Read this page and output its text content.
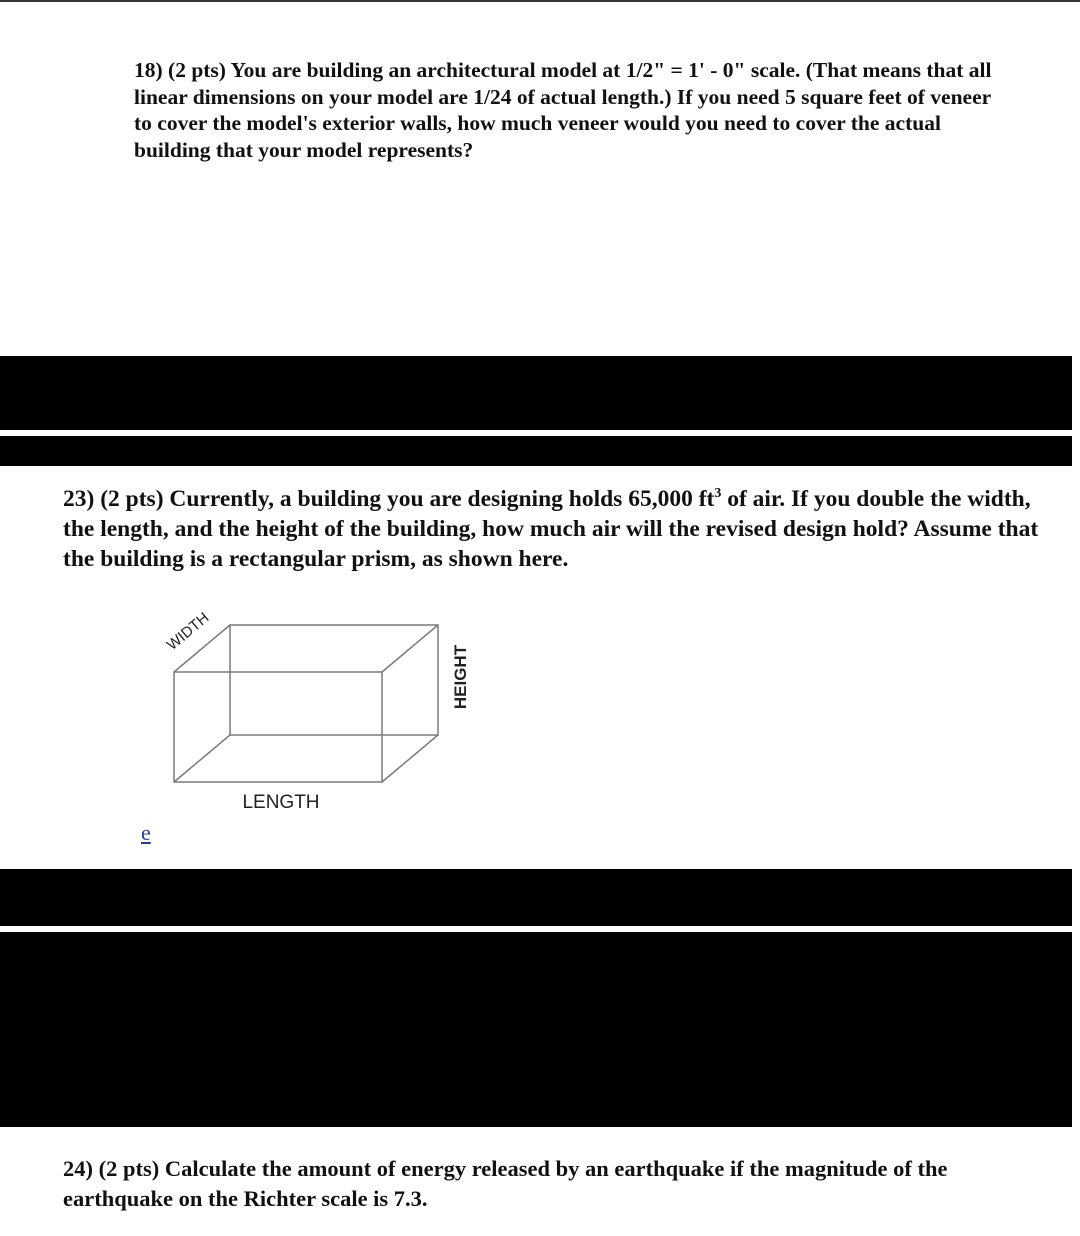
18) (2 pts) You are building an architectural model at 1/2" = 1' - 0" scale. (That means that all linear dimensions on your model are 1/24 of actual length.) If you need 5 square feet of veneer to cover the model's exterior walls, how much veneer would you need to cover the actual building that your model represents?
23) (2 pts) Currently, a building you are designing holds 65,000 $ft^3$ of air. If you double the width, the length, and the height of the building, how much air will the revised design hold? Assume that the building is a rectangular prism, as shown here.
WIDTH
HEIGHT
LENGTH
e
24) (2 pts) Calculate the amount of energy released by an earthquake if the magnitude of the earthquake on the Richter scale is 7.3.
